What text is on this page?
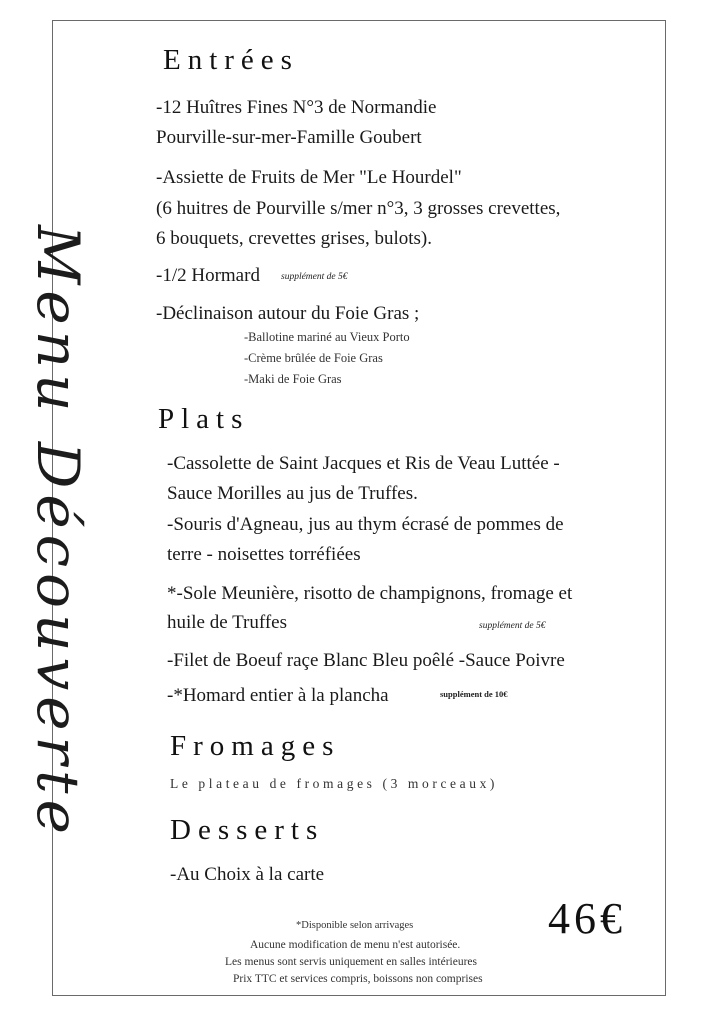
Menu Découverte
Entrées
-12 Huîtres Fines N°3 de Normandie
Pourville-sur-mer-Famille Goubert
-Assiette de Fruits de Mer "Le Hourdel"
(6 huitres de Pourville s/mer n°3, 3 grosses crevettes,
6 bouquets, crevettes grises, bulots).
-1/2 Hormard supplément de 5€
-Déclinaison autour du Foie Gras ;
-Ballotine mariné au Vieux Porto
-Crème brûlée de Foie Gras
-Maki de Foie Gras
Plats
-Cassolette de Saint Jacques et Ris de Veau Luttée -
Sauce Morilles au jus de Truffes.
-Souris d'Agneau, jus au thym écrasé de pommes de
terre - noisettes torréfiées
*-Sole Meunière, risotto de champignons, fromage et
huile de Truffes	supplément de 5€
-Filet de Boeuf raçe Blanc Bleu poêlé -Sauce Poivre
-*Homard entier à la plancha	supplément de 10€
Fromages
Le plateau de fromages (3 morceaux)
Desserts
-Au Choix à la carte
*Disponible selon arrivages
Aucune modification de menu n'est autorisée.
Les menus sont servis uniquement en salles intérieures
Prix TTC et services compris, boissons non comprises
46€
